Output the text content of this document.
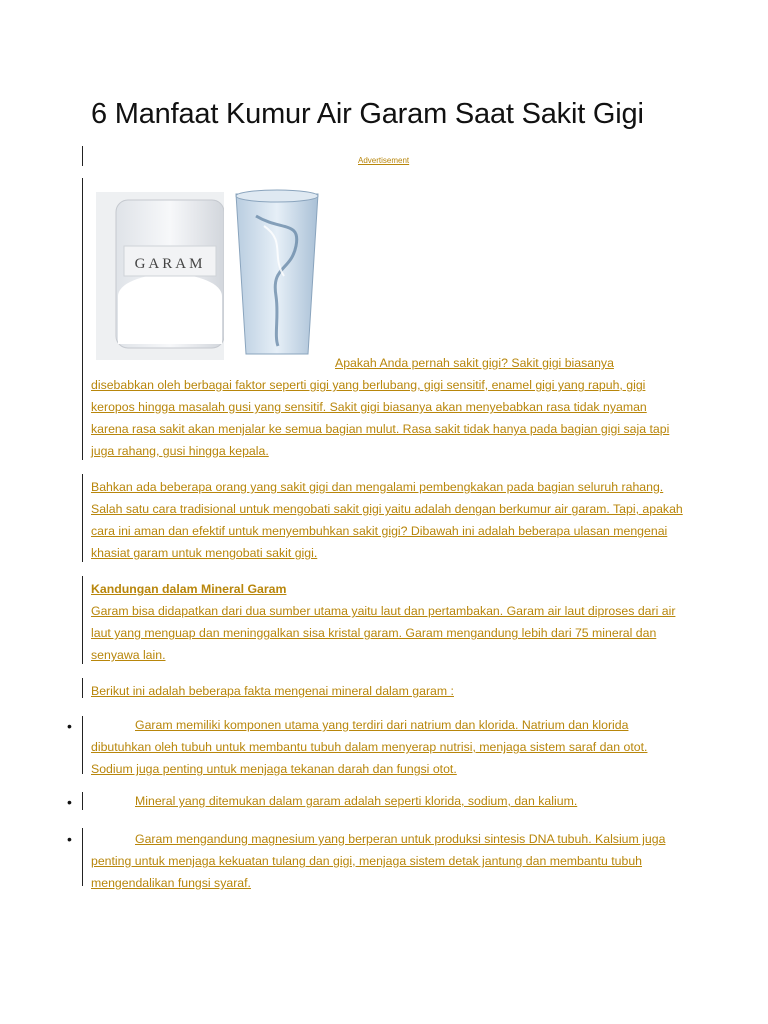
6 Manfaat Kumur Air Garam Saat Sakit Gigi
Advertisement
GARAM

Apakah Anda pernah sakit gigi? Sakit gigi biasanya

disebabkan oleh berbagai faktor seperti gigi yang berlubang, gigi sensitif, enamel gigi yang rapuh, gigi keropos hingga masalah gusi yang sensitif. Sakit gigi biasanya akan menyebabkan rasa tidak nyaman karena rasa sakit akan menjalar ke semua bagian mulut. Rasa sakit tidak hanya pada bagian gigi saja tapi juga rahang, gusi hingga kepala.

Bahkan ada beberapa orang yang sakit gigi dan mengalami pembengkakan pada bagian seluruh rahang. Salah satu cara tradisional untuk mengobati sakit gigi yaitu adalah dengan berkumur air garam. Tapi, apakah cara ini aman dan efektif untuk menyembuhkan sakit gigi? Dibawah ini adalah beberapa ulasan mengenai khasiat garam untuk mengobati sakit gigi.

Kandungan dalam Mineral Garam

Garam bisa didapatkan dari dua sumber utama yaitu laut dan pertambakan. Garam air laut diproses dari air laut yang menguap dan meninggalkan sisa kristal garam. Garam mengandung lebih dari 75 mineral dan senyawa lain.

Berikut ini adalah beberapa fakta mengenai mineral dalam garam :

•	Garam memiliki komponen utama yang terdiri dari natrium dan klorida. Natrium dan klorida dibutuhkan oleh tubuh untuk membantu tubuh dalam menyerap nutrisi, menjaga sistem saraf dan otot. Sodium juga penting untuk menjaga tekanan darah dan fungsi otot.

•	Mineral yang ditemukan dalam garam adalah seperti klorida, sodium, dan kalium.

•	Garam mengandung magnesium yang berperan untuk produksi sintesis DNA tubuh. Kalsium juga penting untuk menjaga kekuatan tulang dan gigi, menjaga sistem detak jantung dan membantu tubuh mengendalikan fungsi syaraf.
